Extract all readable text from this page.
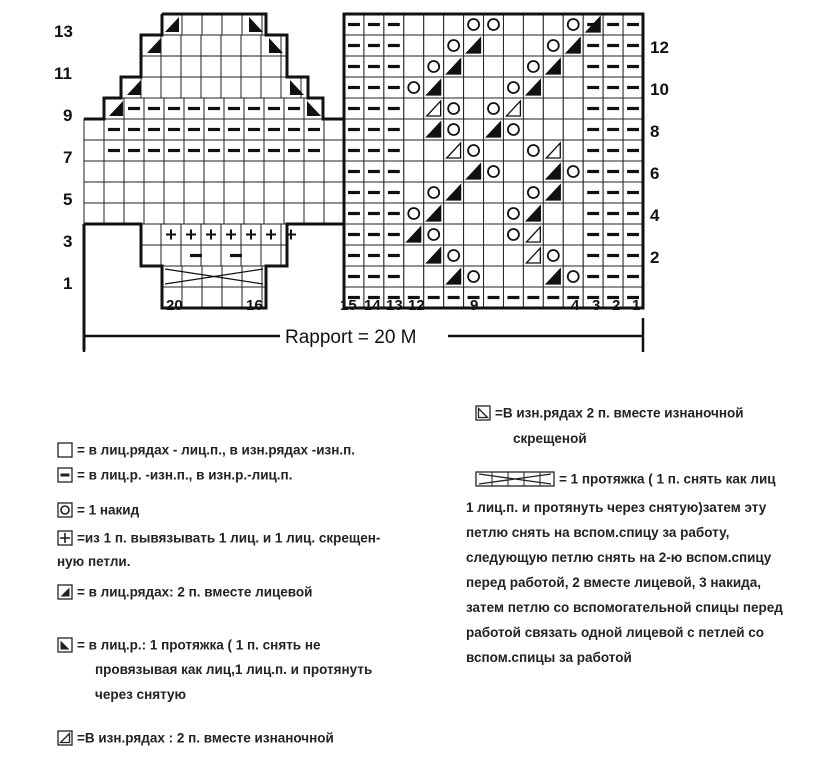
13
11
9
7
5
3
1
12
10
8
6
4
2
20	16	15 14 13 12	9	4 3 2 1
Rapport = 20 M
= в лиц.рядах - лиц.п., в изн.рядах -изн.п.
= в лиц.р. -изн.п., в изн.р.-лиц.п.
= 1 накид
=из 1 п. вывязывать 1 лиц. и 1 лиц. скрещен-
ную петли.
= в лиц.рядах: 2 п. вместе лицевой
= в лиц.р.: 1 протяжка ( 1 п. снять не
провязывая как лиц,1 лиц.п. и протянуть
через снятую
=В изн.рядах : 2 п. вместе изнаночной
=В изн.рядах 2 п. вместе изнаночной
скрещеной
= 1 протяжка ( 1 п. снять как лиц
1 лиц.п. и протянуть через снятую)затем эту
петлю снять на вспом.спицу за работу,
следующую петлю снять на 2-ю вспом.спицу
перед работой, 2 вместе лицевой, 3 накида,
затем петлю со вспомогательной спицы перед
работой связать одной лицевой с петлей со
вспом.спицы за работой
